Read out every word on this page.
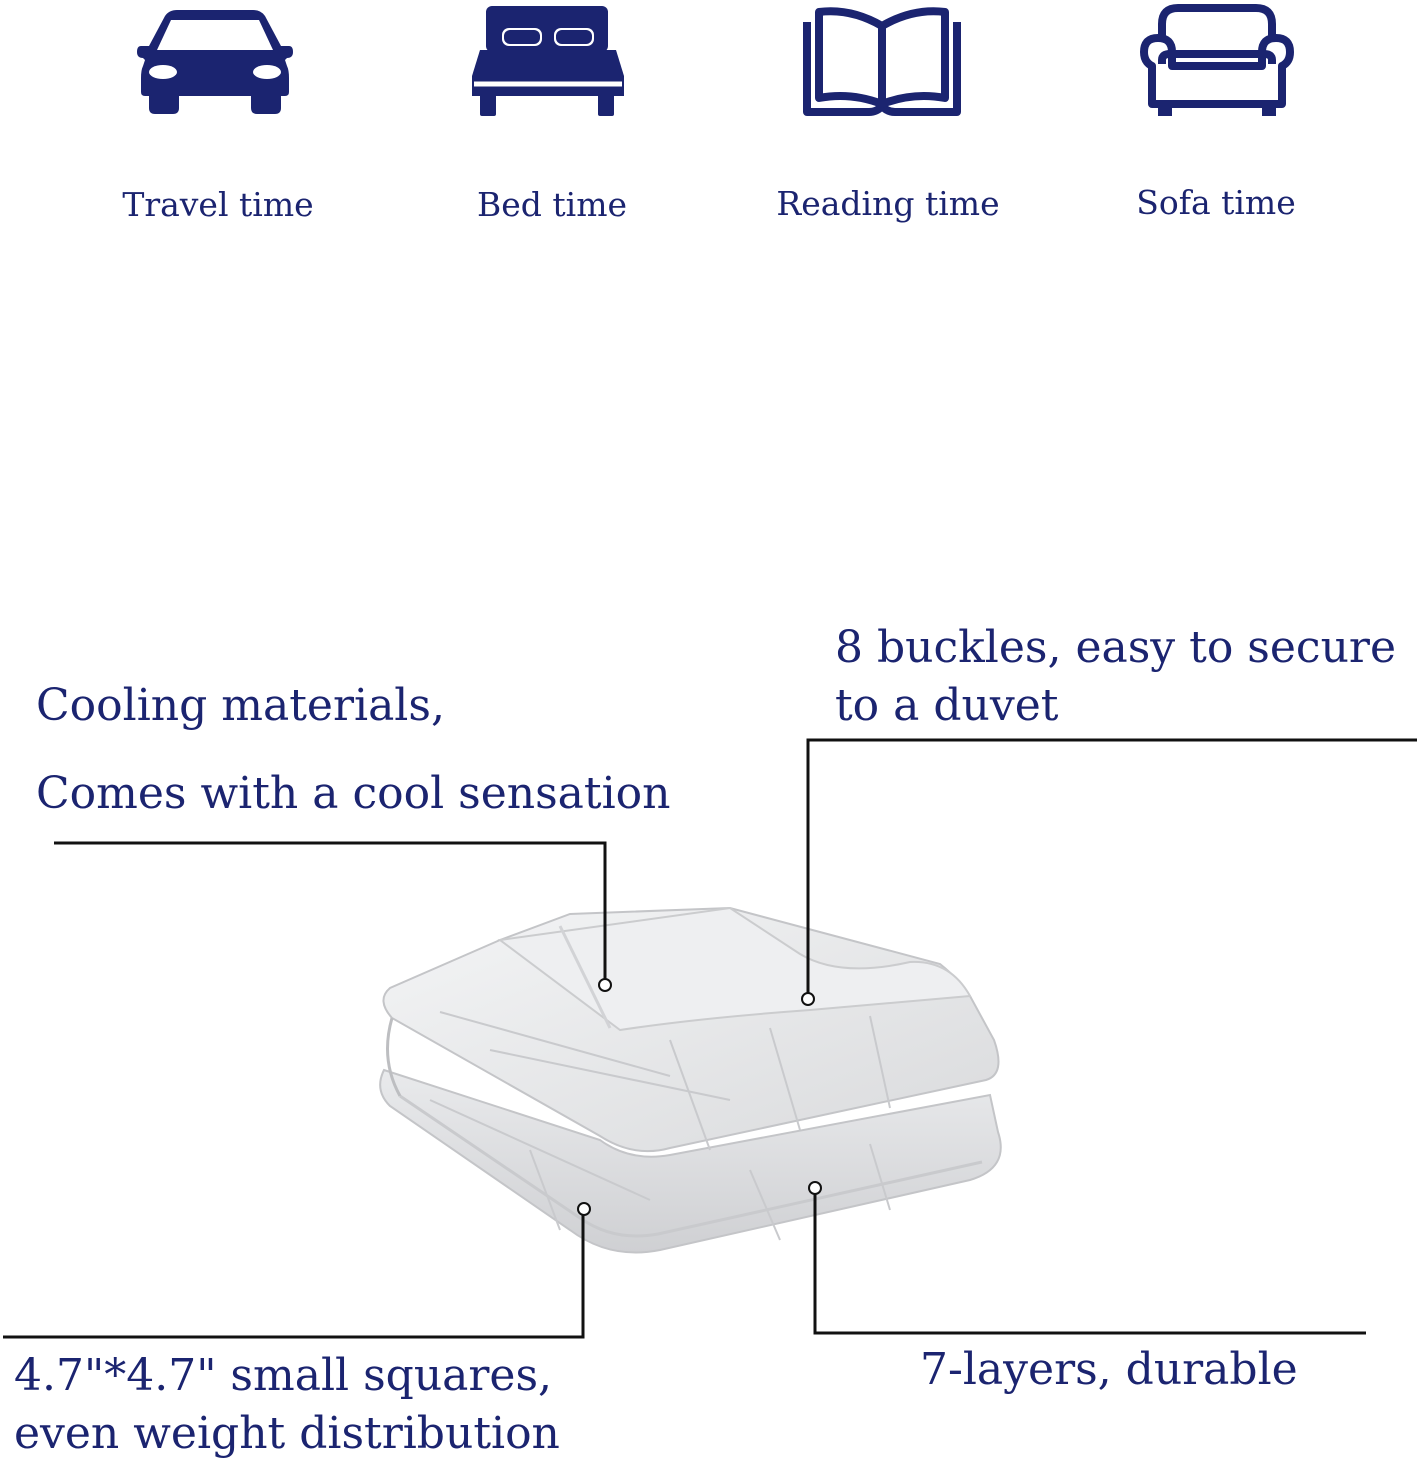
Travel time	Bed time	Reading time	Sofa time

Cooling materials,

Comes with a cool sensation

8 buckles, easy to secure

to a duvet

4.7"*4.7" small squares,

even weight distribution

7-layers, durable
